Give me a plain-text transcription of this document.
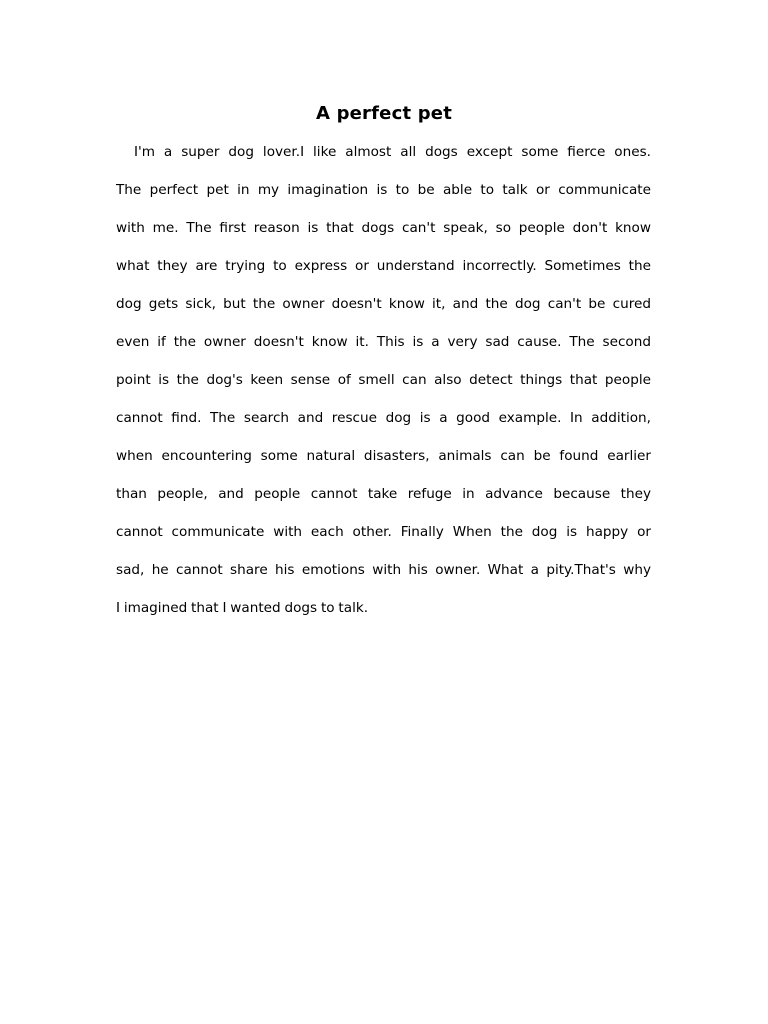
A perfect pet
I'm a super dog lover.I like almost all dogs except some fierce ones.
The perfect pet in my imagination is to be able to talk or communicate
with me. The first reason is that dogs can't speak, so people don't know
what they are trying to express or understand incorrectly. Sometimes the
dog gets sick, but the owner doesn't know it, and the dog can't be cured
even if the owner doesn't know it. This is a very sad cause. The second
point is the dog's keen sense of smell can also detect things that people
cannot find. The search and rescue dog is a good example. In addition,
when encountering some natural disasters, animals can be found earlier
than people, and people cannot take refuge in advance because they
cannot communicate with each other. Finally When the dog is happy or
sad, he cannot share his emotions with his owner. What a pity.That's why
I imagined that I wanted dogs to talk.
